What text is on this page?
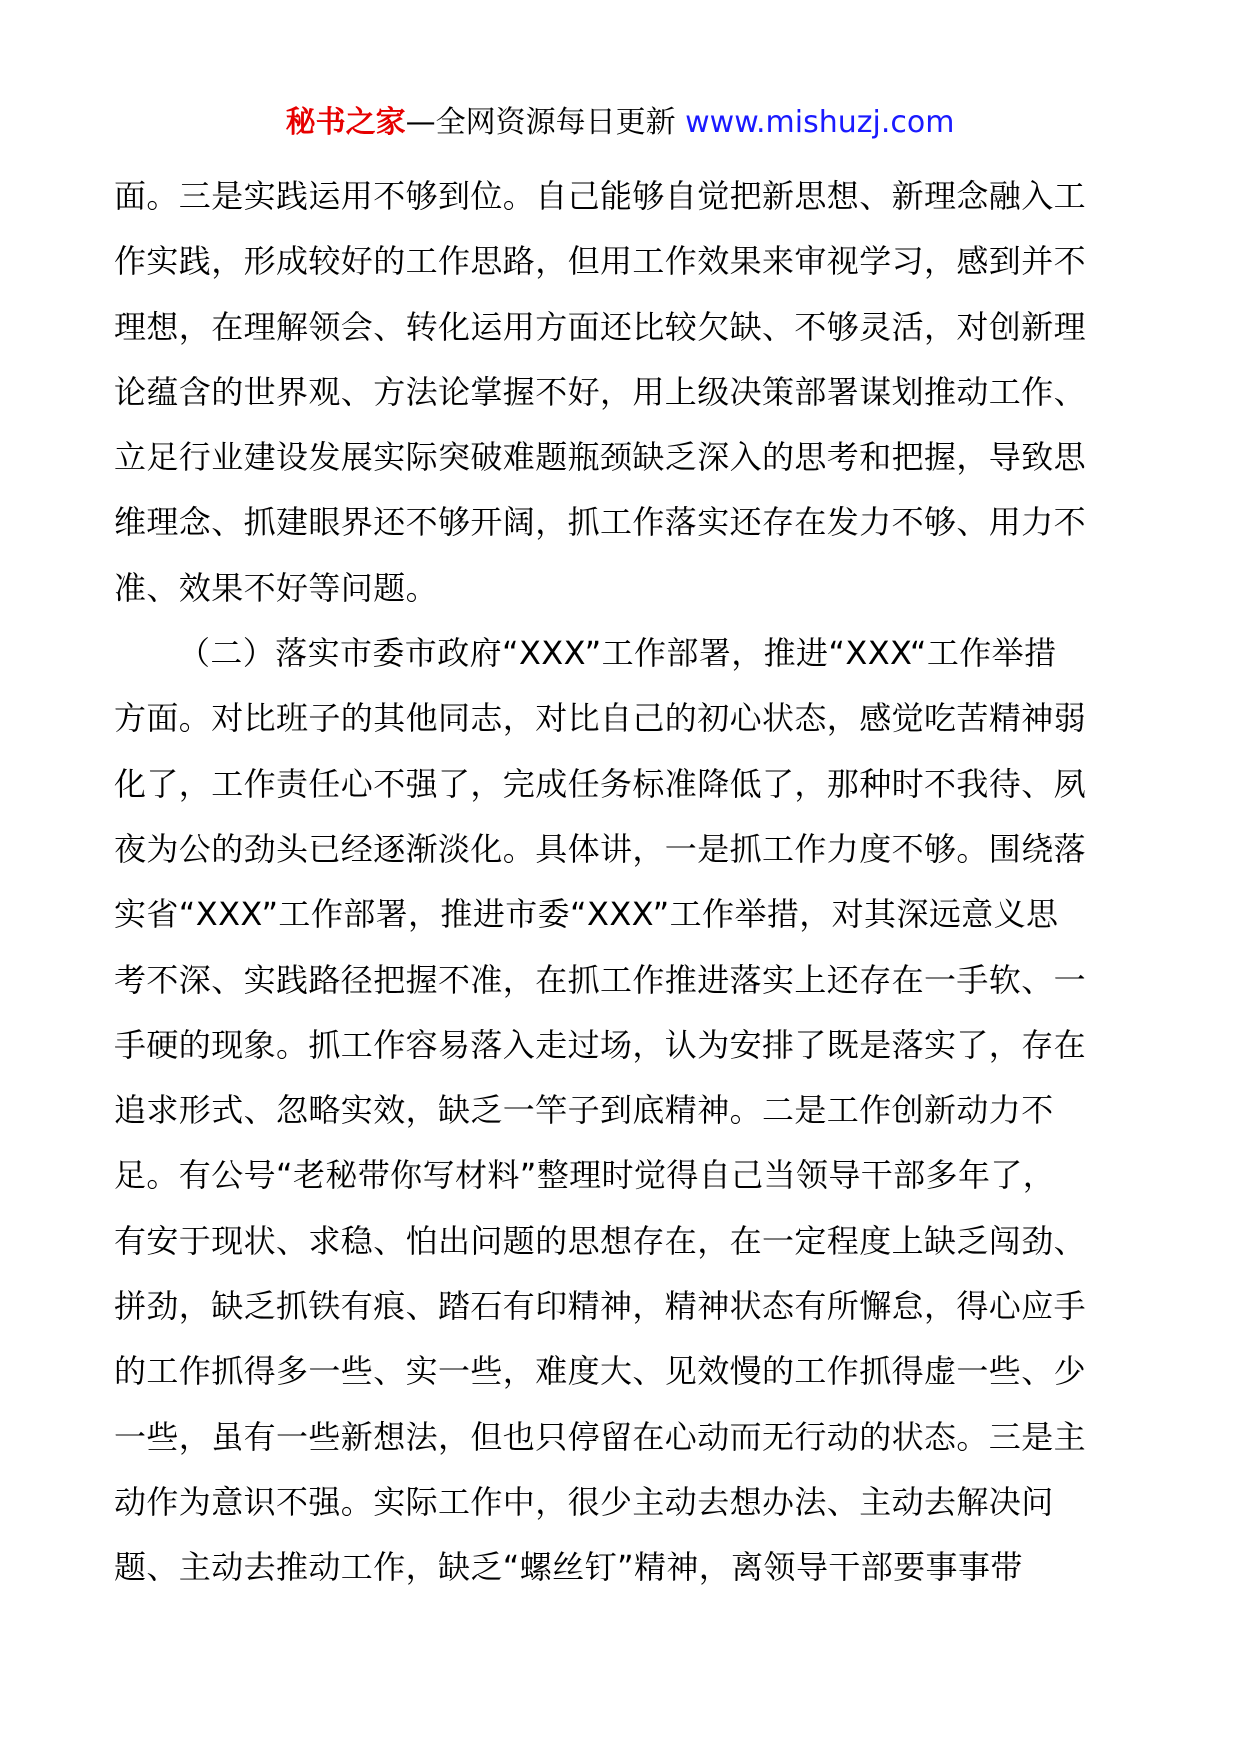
秘书之家—全网资源每日更新 www.mishuzj.com

面。三是实践运用不够到位。自己能够自觉把新思想、新理念融入工
作实践，形成较好的工作思路，但用工作效果来审视学习，感到并不
理想，在理解领会、转化运用方面还比较欠缺、不够灵活，对创新理
论蕴含的世界观、方法论掌握不好，用上级决策部署谋划推动工作、
立足行业建设发展实际突破难题瓶颈缺乏深入的思考和把握，导致思
维理念、抓建眼界还不够开阔，抓工作落实还存在发力不够、用力不
准、效果不好等问题。

（二）落实市委市政府“XXX”工作部署，推进“XXX“工作举措
方面。对比班子的其他同志，对比自己的初心状态，感觉吃苦精神弱
化了，工作责任心不强了，完成任务标准降低了，那种时不我待、夙
夜为公的劲头已经逐渐淡化。具体讲，一是抓工作力度不够。围绕落
实省“XXX”工作部署，推进市委“XXX”工作举措，对其深远意义思
考不深、实践路径把握不准，在抓工作推进落实上还存在一手软、一
手硬的现象。抓工作容易落入走过场，认为安排了既是落实了，存在
追求形式、忽略实效，缺乏一竿子到底精神。二是工作创新动力不
足。有公号“老秘带你写材料”整理时觉得自己当领导干部多年了，
有安于现状、求稳、怕出问题的思想存在，在一定程度上缺乏闯劲、
拼劲，缺乏抓铁有痕、踏石有印精神，精神状态有所懈怠，得心应手
的工作抓得多一些、实一些，难度大、见效慢的工作抓得虚一些、少
一些，虽有一些新想法，但也只停留在心动而无行动的状态。三是主
动作为意识不强。实际工作中，很少主动去想办法、主动去解决问
题、主动去推动工作，缺乏“螺丝钉”精神，离领导干部要事事带
